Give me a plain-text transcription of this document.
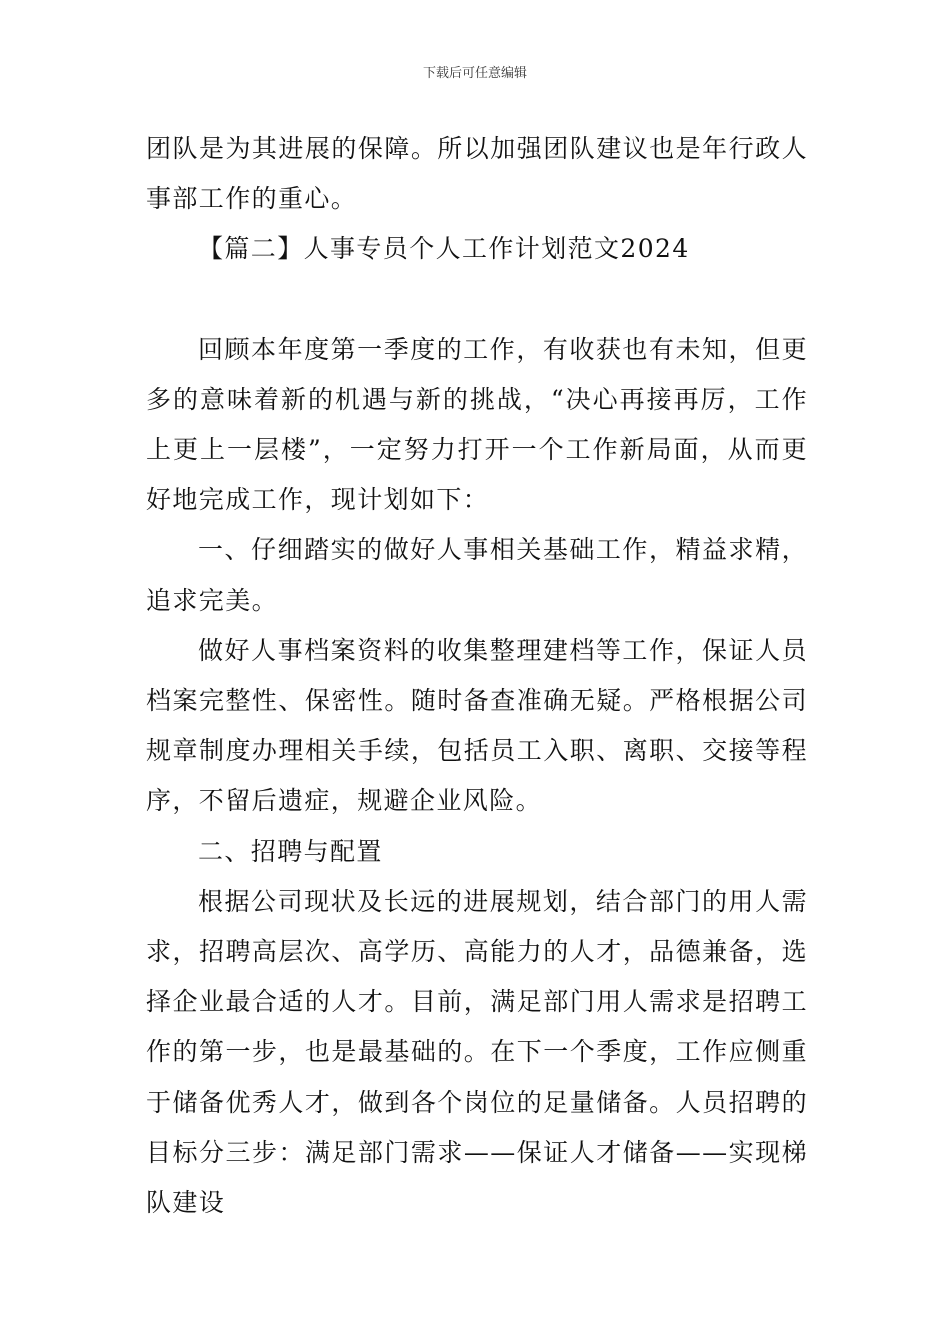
下载后可任意编辑

团队是为其进展的保障。所以加强团队建议也是年行政人事部工作的重心。

【篇二】人事专员个人工作计划范文2024

回顾本年度第一季度的工作，有收获也有未知，但更多的意味着新的机遇与新的挑战，“决心再接再厉，工作上更上一层楼”，一定努力打开一个工作新局面，从而更好地完成工作，现计划如下：

一、仔细踏实的做好人事相关基础工作，精益求精，追求完美。

做好人事档案资料的收集整理建档等工作，保证人员档案完整性、保密性。随时备查准确无疑。严格根据公司规章制度办理相关手续，包括员工入职、离职、交接等程序，不留后遗症，规避企业风险。

二、招聘与配置

根据公司现状及长远的进展规划，结合部门的用人需求，招聘高层次、高学历、高能力的人才，品德兼备，选择企业最合适的人才。目前，满足部门用人需求是招聘工作的第一步，也是最基础的。在下一个季度，工作应侧重于储备优秀人才，做到各个岗位的足量储备。人员招聘的目标分三步：满足部门需求——保证人才储备——实现梯队建设
